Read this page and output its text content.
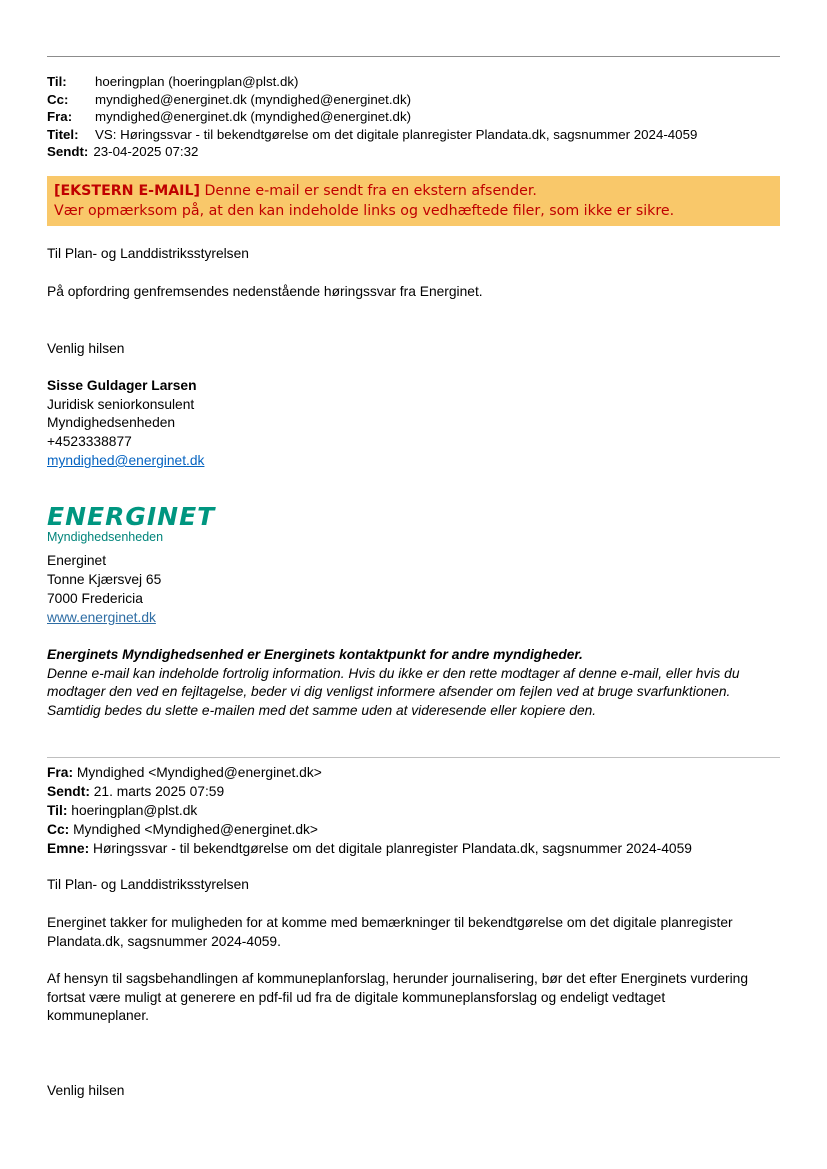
Til:	hoeringplan (hoeringplan@plst.dk)
Cc:	myndighed@energinet.dk (myndighed@energinet.dk)
Fra:	myndighed@energinet.dk (myndighed@energinet.dk)
Titel:	VS: Høringssvar - til bekendtgørelse om det digitale planregister Plandata.dk, sagsnummer 2024-4059
Sendt: 23-04-2025 07:32
[EKSTERN E-MAIL] Denne e-mail er sendt fra en ekstern afsender.
Vær opmærksom på, at den kan indeholde links og vedhæftede filer, som ikke er sikre.
Til Plan- og Landdistriksstyrelsen
På opfordring genfremsendes nedenstående høringssvar fra Energinet.
Venlig hilsen
Sisse Guldager Larsen
Juridisk seniorkonsulent
Myndighedsenheden
+4523338877
myndighed@energinet.dk
ENERGINET
Myndighedsenheden
Energinet
Tonne Kjærsvej 65
7000 Fredericia
www.energinet.dk

Energinets Myndighedsenhed er Energinets kontaktpunkt for andre myndigheder.

Denne e-mail kan indeholde fortrolig information. Hvis du ikke er den rette modtager af denne e-mail, eller hvis du

modtager den ved en fejltagelse, beder vi dig venligst informere afsender om fejlen ved at bruge svarfunktionen.

Samtidig bedes du slette e-mailen med det samme uden at videresende eller kopiere den.

Fra: Myndighed <Myndighed@energinet.dk>
Sendt: 21. marts 2025 07:59
Til: hoeringplan@plst.dk
Cc: Myndighed <Myndighed@energinet.dk>
Emne: Høringssvar - til bekendtgørelse om det digitale planregister Plandata.dk, sagsnummer 2024-4059
Til Plan- og Landdistriksstyrelsen

Energinet takker for muligheden for at komme med bemærkninger til bekendtgørelse om det digitale planregister

Plandata.dk, sagsnummer 2024-4059.

Af hensyn til sagsbehandlingen af kommuneplanforslag, herunder journalisering, bør det efter Energinets vurdering

fortsat være muligt at generere en pdf-fil ud fra de digitale kommuneplansforslag og endeligt vedtaget

kommuneplaner.

Venlig hilsen
